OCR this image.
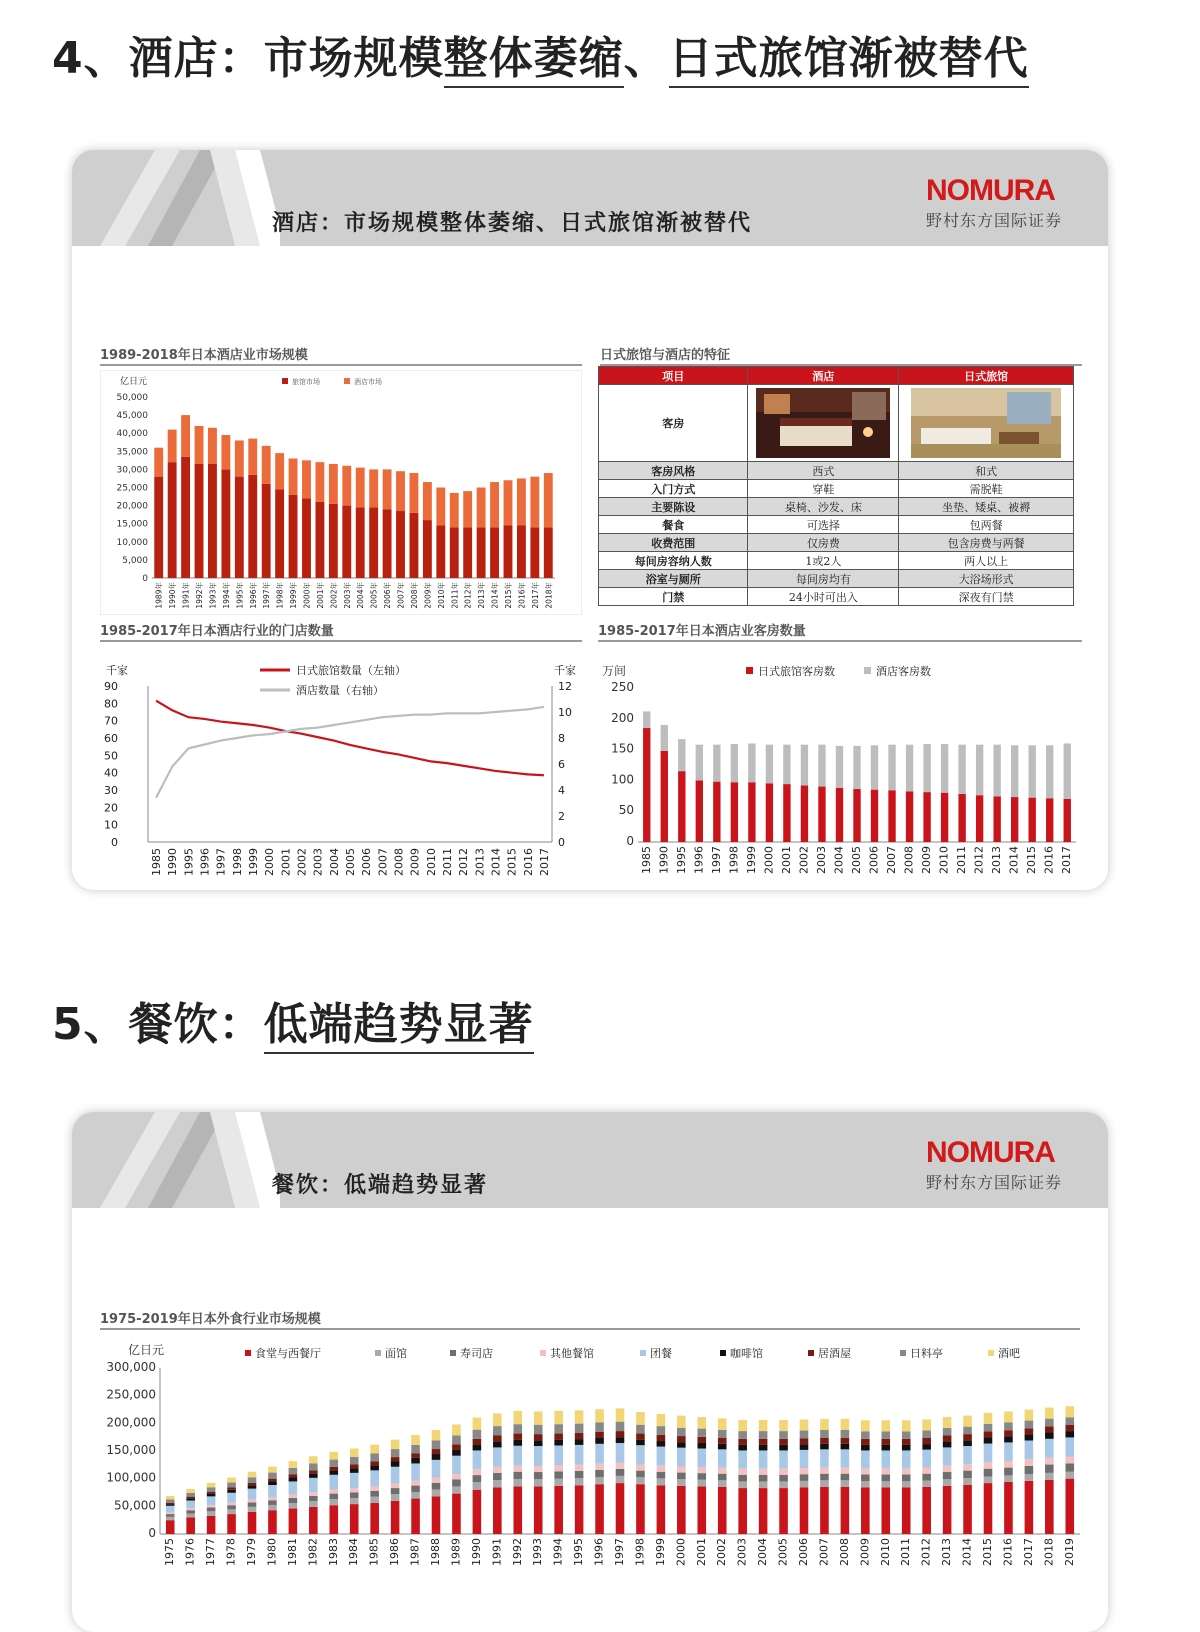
4、酒店：市场规模整体萎缩、日式旅馆渐被替代
酒店：市场规模整体萎缩、日式旅馆渐被替代
NOMURA
野村东方国际证券
1989-2018年日本酒店业市场规模
50,000
45,000
40,000
35,000
30,000
25,000
20,000
15,000
10,000
5,000
0
1989年 1990年 1991年 1992年 1993年 1994年 1995年 1996年 1997年 1998年 1999年 2000年 2001年 2002年 2003年 2004年 2005年 2006年 2007年 2008年 2009年 2010年 2011年 2012年 2013年 2014年 2015年 2016年 2017年 2018年
亿日元	旅馆市场	酒店市场
日式旅馆与酒店的特征
项目	酒店	日式旅馆
客房	

客房风格	西式	和式
入门方式	穿鞋	需脱鞋
主要陈设	桌椅、沙发、床	坐垫、矮桌、被褥
餐食	可选择	包两餐
收费范围	仅房费	包含房费与两餐
每间房容纳人数	1或2人	两人以上
浴室与厕所	每间房均有	大浴场形式
门禁	24小时可出入	深夜有门禁
1985-2017年日本酒店行业的门店数量
90
80
70
60
50
40
30
20
10
0
12
10
8
6
4
2
0
千家	千家
日式旅馆数量（左轴）
酒店数量（右轴）
1985 1990 1995 1996 1997 1998 1999 2000 2001 2002 2003 2004 2005 2006 2007 2008 2009 2010 2011 2012 2013 2014 2015 2016 2017
1985-2017年日本酒店业客房数量
250
200
150
100
50
0
1985 1990 1995 1996 1997 1998 1999 2000 2001 2002 2003 2004 2005 2006 2007 2008 2009 2010 2011 2012 2013 2014 2015 2016 2017
万间	日式旅馆客房数	酒店客房数
5、餐饮：低端趋势显著
餐饮：低端趋势显著
NOMURA
野村东方国际证券
1975-2019年日本外食行业市场规模
300,000
250,000
200,000
150,000
100,000
50,000
0
1975 1976 1977 1978 1979 1980 1981 1982 1983 1984 1985 1986 1987 1988 1989 1990 1991 1992 1993 1994 1995 1996 1997 1998 1999 2000 2001 2002 2003 2004 2005 2006 2007 2008 2009 2010 2011 2012 2013 2014 2015 2016 2017 2018 2019
亿日元	食堂与西餐厅	面馆	寿司店	其他餐馆	团餐	咖啡馆	居酒屋	日料亭	酒吧
